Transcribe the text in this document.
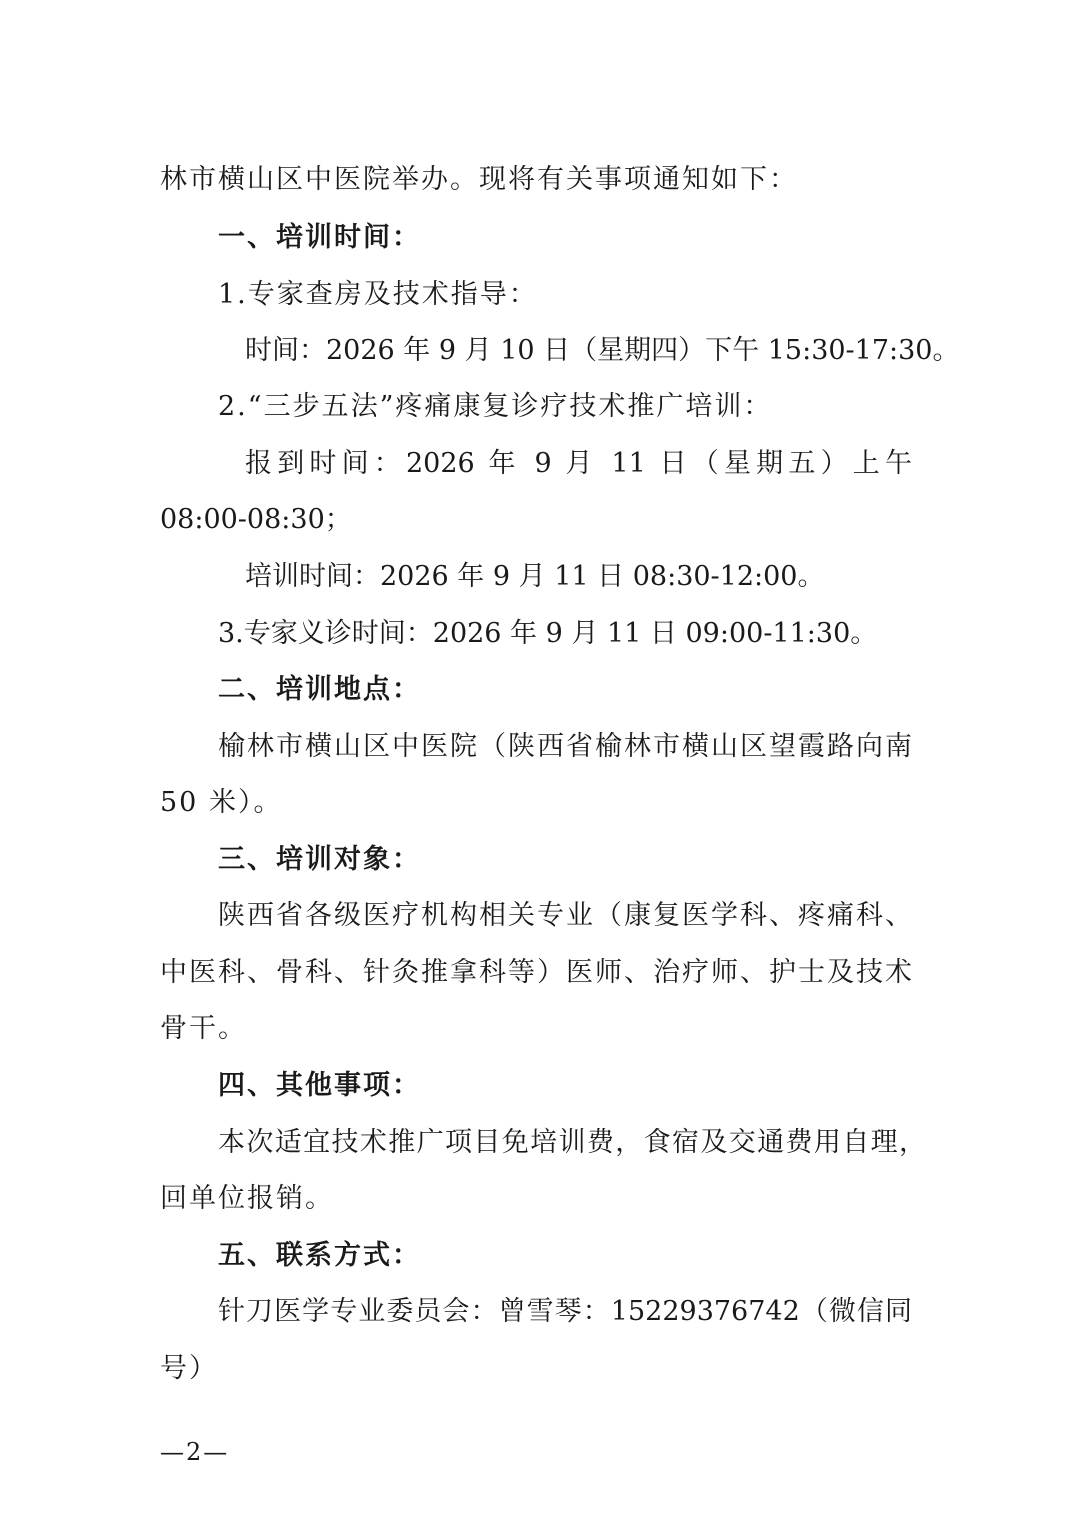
林市横山区中医院举办。现将有关事项通知如下：
一、培训时间：
1.专家查房及技术指导：
时间：2026 年 9 月 10 日（星期四）下午 15:30-17:30。
2.“三步五法”疼痛康复诊疗技术推广培训：
报到时间：2026 年 9 月 11 日（星期五）上午
08:00-08:30；
培训时间：2026 年 9 月 11 日 08:30-12:00。
3.专家义诊时间：2026 年 9 月 11 日 09:00-11:30。
二、培训地点：
榆林市横山区中医院（陕西省榆林市横山区望霞路向南
50 米）。
三、培训对象：
陕西省各级医疗机构相关专业（康复医学科、疼痛科、
中医科、骨科、针灸推拿科等）医师、治疗师、护士及技术
骨干。
四、其他事项：
本次适宜技术推广项目免培训费，食宿及交通费用自理，
回单位报销。
五、联系方式：
针刀医学专业委员会：曾雪琴：15229376742（微信同
号）
—2—
